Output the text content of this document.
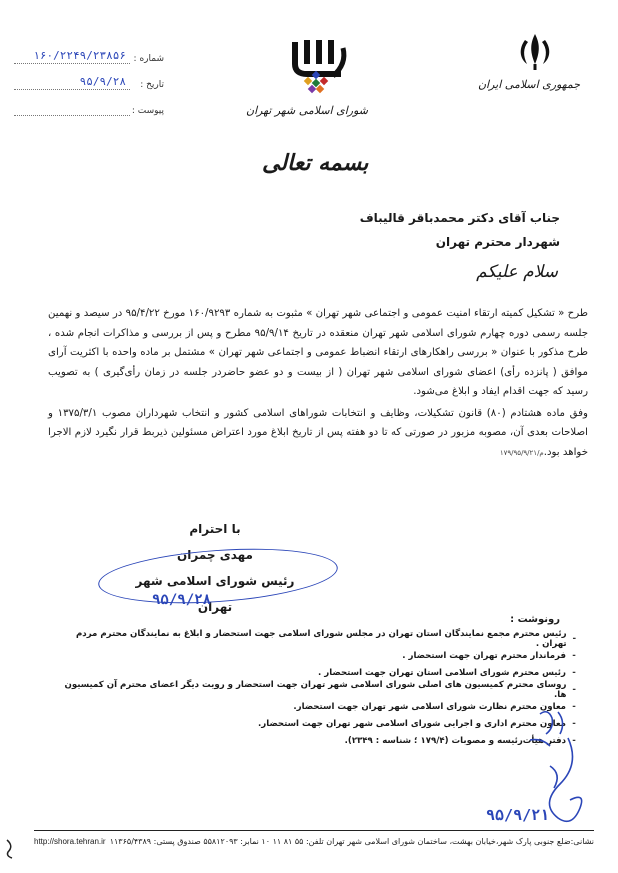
جمهوری اسلامی ایران
شورای اسلامی شهر تهران
شماره :
۱۶۰/۲۲۴۹/۲۳۸۵۶
تاریخ :
۹۵/۹/۲۸
پیوست :
بسمه تعالی
جناب آقای دکتر محمدباقر قالیباف
شهردار محترم تهران
سلام علیکم

طرح « تشکیل کمیته ارتقاء امنیت عمومی و اجتماعی شهر تهران » مثبوت به شماره ۱۶۰/۹۲۹۳ مورخ ۹۵/۴/۲۲ در سیصد و نهمین جلسه رسمی دوره چهارم شورای اسلامی شهر تهران منعقده در تاریخ ۹۵/۹/۱۴ مطرح و پس از بررسی و مذاکرات انجام شده ، طرح مذکور با عنوان « بررسی راهکارهای ارتقاء انضباط عمومی و اجتماعی شهر تهران » مشتمل بر ماده واحده با اکثریت آرای موافق ( پانزده رأی) اعضای شورای اسلامی شهر تهران ( از بیست و دو عضو حاضردر جلسه در زمان رأی‌گیری ) به تصویب رسید که جهت اقدام ایفاد و ابلاغ می‌شود.

وفق ماده هشتادم (۸۰) قانون تشکیلات، وظایف و انتخابات شوراهای اسلامی کشور و انتخاب شهرداران مصوب ۱۳۷۵/۳/۱ و اصلاحات بعدی آن، مصوبه مزبور در صورتی که تا دو هفته پس از تاریخ ابلاغ مورد اعتراض مسئولین ذیربط قرار نگیرد لازم الاجرا خواهد بود.م/۱۷۹/۹۵/۹/۲۱

با احترام
مهدی چمران
رئیس شورای اسلامی شهر تهران
۹۵/۹/۲۸
رونوشت :
-
رئیس محترم مجمع نمایندگان استان تهران در مجلس شورای اسلامی جهت استحضار و ابلاغ به نمایندگان محترم مردم تهران .
-
فرماندار محترم تهران جهت استحضار .
-
رئیس محترم شورای اسلامی استان تهران جهت استحضار .
-
روسای محترم کمیسیون های اصلی شورای اسلامی شهر تهران جهت استحضار و رویت دیگر اعضای محترم آن کمیسیون ها.
-
معاون محترم نظارت شورای اسلامی شهر تهران جهت استحضار.
-
معاون محترم اداری و اجرایی شورای اسلامی شهر تهران جهت استحضار.
-
دفتر هیأت‌رئیسه و مصوبات (۱۷۹/۴ ؛ شناسه : ۲۳۴۹).
۹۵/۹/۲۱
نشانی:ضلع جنوبی پارک شهر،خیابان بهشت، ساختمان شورای اسلامی شهر تهران تلفن: ۵۵ ۸۱ ۱۱ ۱۰ نمابر: ۵۵۸۱۲۰۹۳ صندوق پستی: ۱۱۳۶۵/۴۳۸۹
http://shora.tehran.ir
